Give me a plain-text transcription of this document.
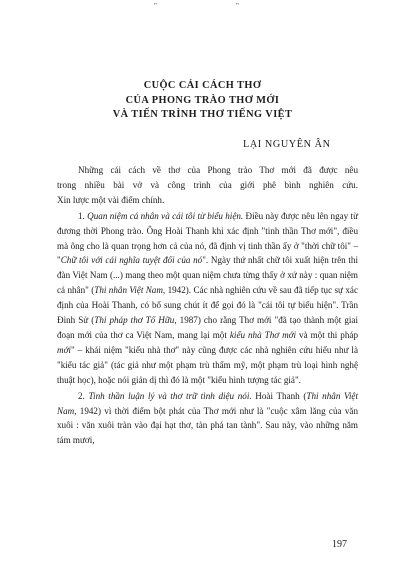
"	"
CUỘC CẢI CÁCH THƠ
CỦA PHONG TRÀO THƠ MỚI
VÀ TIẾN TRÌNH THƠ TIẾNG VIỆT
LẠI NGUYÊN ÂN

Những cái cách về thơ của Phong trào Thơ mới đã được nêu

trong nhiều bài vở và công trình của giới phê bình nghiên cứu.

Xin lược một vài điểm chính.

1. Quan niệm cá nhân và cái tôi từ biểu hiện. Điều này được nêu lên ngay từ đương thời Phong trào. Ông Hoài Thanh khi xác định "tinh thần Thơ mới", điều mà ông cho là quan trọng hơn cả của nó, đã định vị tinh thần ấy ở "thời chữ tôi" – "Chữ tôi với cái nghĩa tuyệt đối của nó". Ngày thứ nhất chữ tôi xuất hiện trên thi đàn Việt Nam (...) mang theo một quan niệm chưa từng thấy ở xứ này : quan niệm cá nhân" (Thi nhân Việt Nam, 1942). Các nhà nghiên cứu về sau đã tiếp tục sự xác định của Hoài Thanh, có bổ sung chút ít để gọi đó là "cái tôi tự biểu hiện". Trần Đình Sử (Thi pháp thơ Tố Hữu, 1987) cho rằng Thơ mới "đã tạo thành một giai đoạn mới của thơ ca Việt Nam, mang lại một kiểu nhà Thơ mới và một thi pháp mới" – khái niệm "kiểu nhà thơ" này cũng được các nhà nghiên cứu hiểu như là "kiểu tác giả" (tác giả như một phạm trù thẩm mỹ, một phạm trù loại hình nghệ thuật học), hoặc nói giản dị thì đó là một "kiểu hình tượng tác giả".

2. Tinh thần luận lý và thơ trữ tình diệu nói. Hoài Thanh (Thi nhân Việt Nam, 1942) vì thời điểm bột phát của Thơ mới như là "cuộc xâm lăng của văn xuôi : văn xuôi tràn vào đại hạt thơ, tàn phá tan tành". Sau này, vào những năm tám mươi,

197
